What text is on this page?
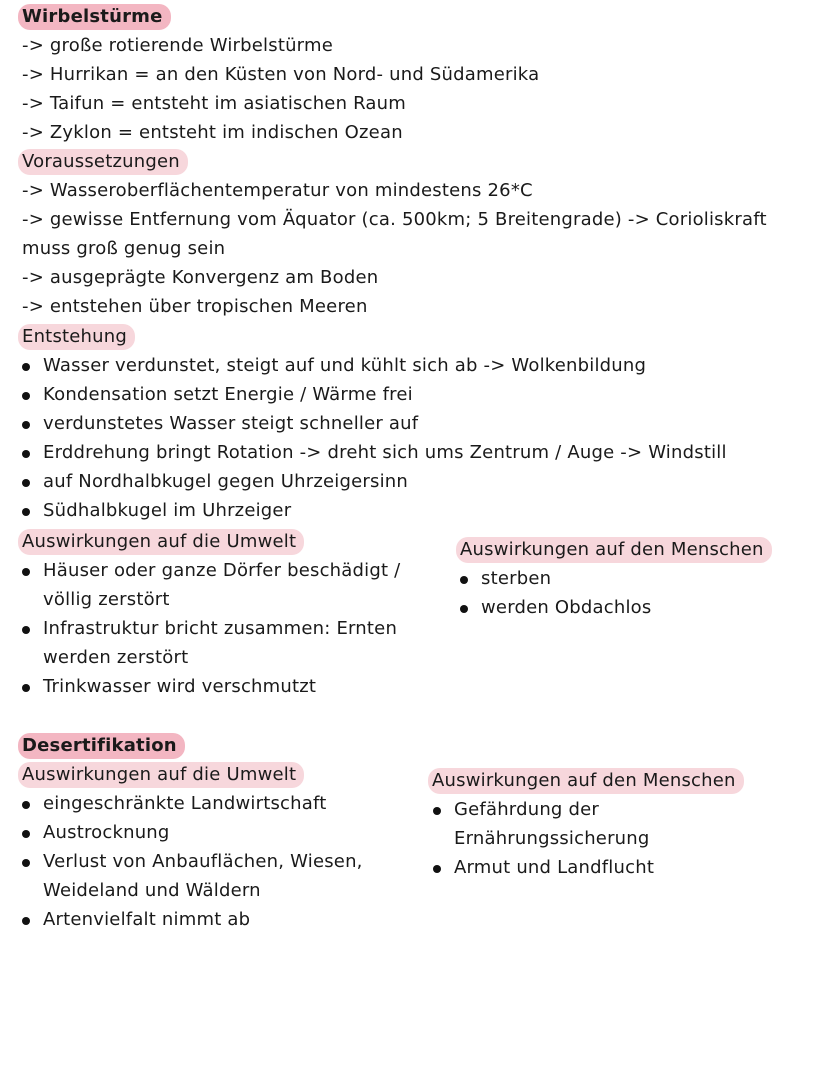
Wirbelstürme
-> große rotierende Wirbelstürme
-> Hurrikan = an den Küsten von Nord- und Südamerika
-> Taifun = entsteht im asiatischen Raum
-> Zyklon = entsteht im indischen Ozean
Voraussetzungen
-> Wasseroberflächentemperatur von mindestens 26*C
-> gewisse Entfernung vom Äquator (ca. 500km; 5 Breitengrade) -> Corioliskraft
muss groß genug sein
-> ausgeprägte Konvergenz am Boden
-> entstehen über tropischen Meeren
Entstehung
Wasser verdunstet, steigt auf und kühlt sich ab -> Wolkenbildung
Kondensation setzt Energie / Wärme frei
verdunstetes Wasser steigt schneller auf
Erddrehung bringt Rotation -> dreht sich ums Zentrum / Auge -> Windstill
auf Nordhalbkugel gegen Uhrzeigersinn
Südhalbkugel im Uhrzeiger
Auswirkungen auf die Umwelt
Häuser oder ganze Dörfer beschädigt /
völlig zerstört
Infrastruktur bricht zusammen: Ernten
werden zerstört
Trinkwasser wird verschmutzt
Auswirkungen auf den Menschen
sterben
werden Obdachlos
Desertifikation
Auswirkungen auf die Umwelt
eingeschränkte Landwirtschaft
Austrocknung
Verlust von Anbauflächen, Wiesen,
Weideland und Wäldern
Artenvielfalt nimmt ab
Auswirkungen auf den Menschen
Gefährdung der
Ernährungssicherung
Armut und Landflucht
